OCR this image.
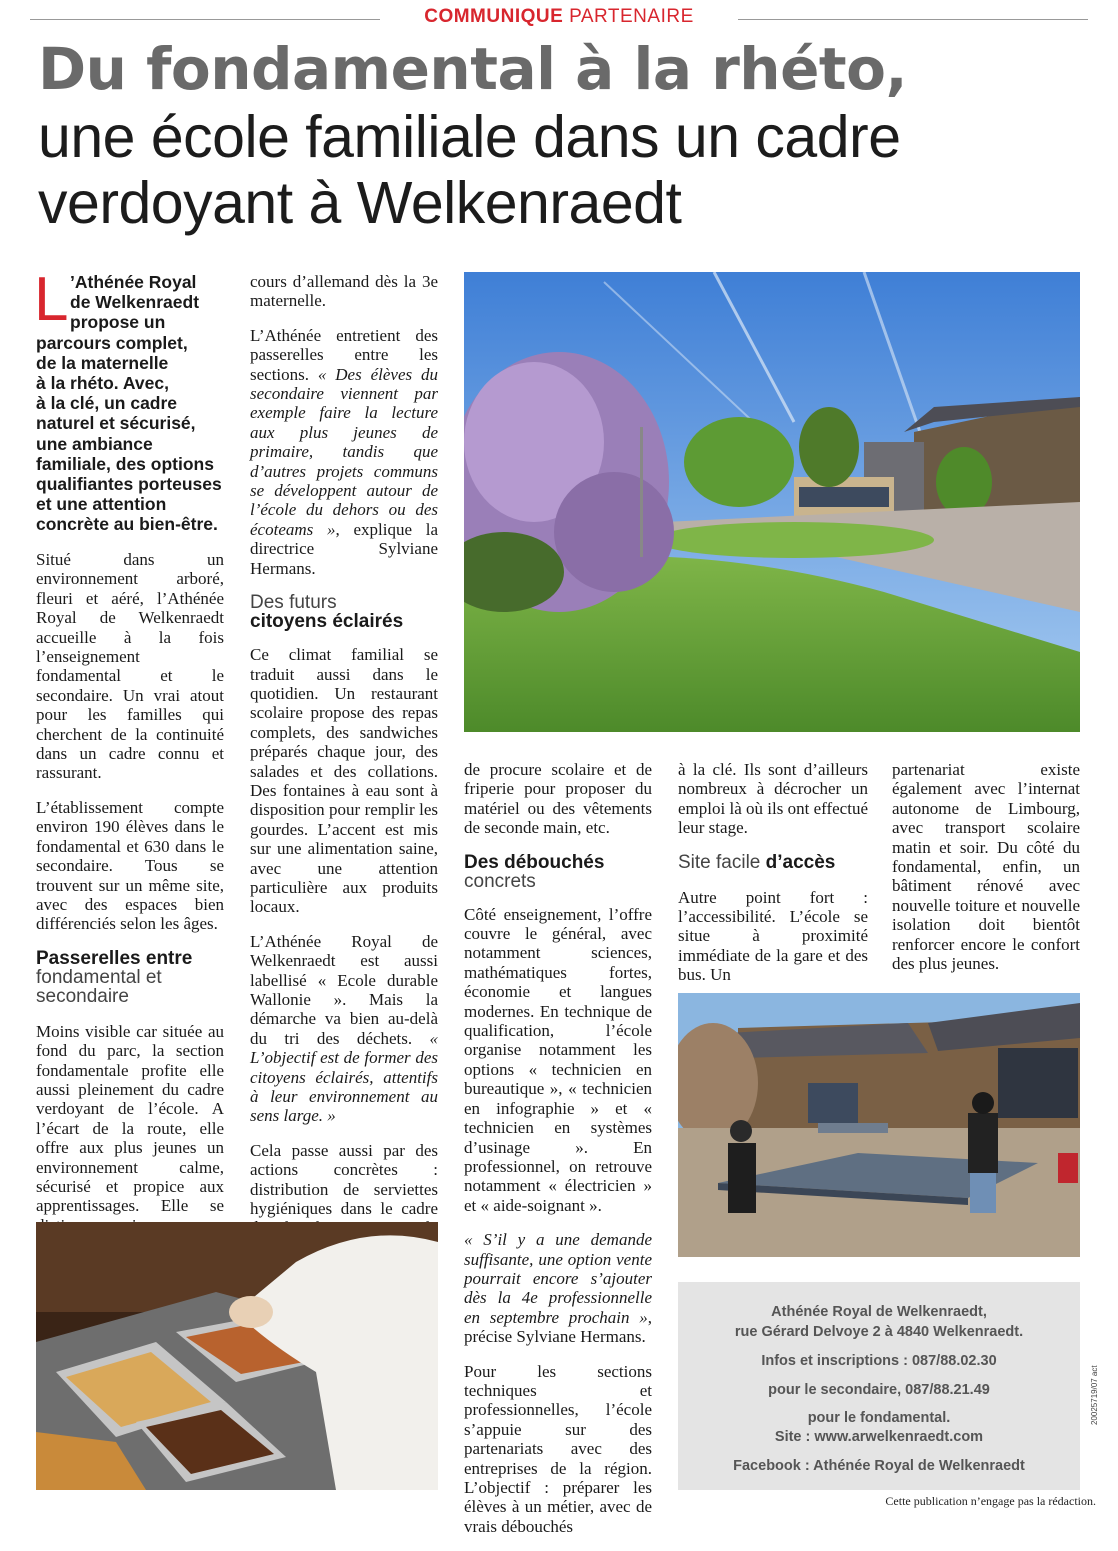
COMMUNIQUE PARTENAIRE
Du fondamental à la rhéto,
une école familiale dans un cadre
verdoyant à Welkenraedt
L ’Athénée Royal
de Welkenraedt
propose un
parcours complet,
de la maternelle
à la rhéto. Avec,
à la clé, un cadre
naturel et sécurisé,
une ambiance
familiale, des options
qualifiantes porteuses
et une attention
concrète au bien-être.

Situé dans un environnement arboré, fleuri et aéré, l’Athénée Royal de Welkenraedt accueille à la fois l’enseignement fondamental et le secondaire. Un vrai atout pour les familles qui cherchent de la continuité dans un cadre connu et rassurant.

L’établissement compte environ 190 élèves dans le fondamental et 630 dans le secondaire. Tous se trouvent sur un même site, avec des espaces bien différenciés selon les âges.

Passerelles entre
fondamental et
secondaire

Moins visible car située au fond du parc, la section fondamentale profite elle aussi pleinement du cadre verdoyant de l’école. A l’écart de la route, elle offre aux plus jeunes un environnement calme, sécurisé et propice aux apprentissages. Elle se

cours d’allemand dès la 3e maternelle.

L’Athénée entretient des passerelles entre les sections. « Des élèves du secondaire viennent par exemple faire la lecture aux plus jeunes de primaire, tandis que d’autres projets communs se développent autour de l’école du dehors ou des écoteams », explique la directrice Sylviane Hermans.

Des futurs
citoyens éclairés

Ce climat familial se traduit aussi dans le quotidien. Un restaurant scolaire propose des repas complets, des sandwiches préparés chaque jour, des salades et des collations. Des fontaines à eau sont à disposition pour remplir les gourdes. L’accent est mis sur une alimentation saine, avec une attention particulière aux produits locaux.

L’Athénée Royal de Welkenraedt est aussi labellisé « Ecole durable Wallonie ». Mais la démarche va bien au-delà du tri des déchets. « L’objectif est de former des citoyens éclairés, attentifs à leur environnement au sens large. »

Cela passe aussi par des actions concrètes : distribution de serviettes hygiéniques dans le cadre

de procure scolaire et de friperie pour proposer du matériel ou des vêtements de seconde main, etc.

Des débouchés
concrets

Côté enseignement, l’offre couvre le général, avec notamment sciences, mathématiques fortes, économie et langues modernes. En technique de qualification, l’école organise notamment les options « technicien en bureautique », « technicien en infographie » et « technicien en systèmes d’usinage ». En professionnel, on retrouve notamment « électricien » et « aide-soignant ».

« S’il y a une demande suffisante, une option vente pourrait encore s’ajouter dès la 4e professionnelle en septembre prochain », précise Sylviane Hermans.

Pour les sections techniques et professionnelles, l’école s’appuie sur des partenariats avec des entreprises de la région. L’objectif : préparer les élèves à un métier, avec de vrais débouchés

à la clé. Ils sont d’ailleurs nombreux à décrocher un emploi là où ils ont effectué leur stage.

Site facile d’accès

Autre point fort : l’accessibilité. L’école se situe à proximité immédiate de la gare et des bus. Un

partenariat existe également avec l’internat autonome de Limbourg, avec transport scolaire matin et soir. Du côté du fondamental, enfin, un bâtiment rénové avec nouvelle toiture et nouvelle isolation doit bientôt renforcer encore le confort des plus jeunes.

Athénée Royal de Welkenraedt,
rue Gérard Delvoye 2 à 4840 Welkenraedt.
Infos et inscriptions : 087/88.02.30
pour le secondaire, 087/88.21.49
pour le fondamental.
Site : www.arwelkenraedt.com
Facebook : Athénée Royal de Welkenraedt
20025719/07 act
Cette publication n’engage pas la rédaction.
